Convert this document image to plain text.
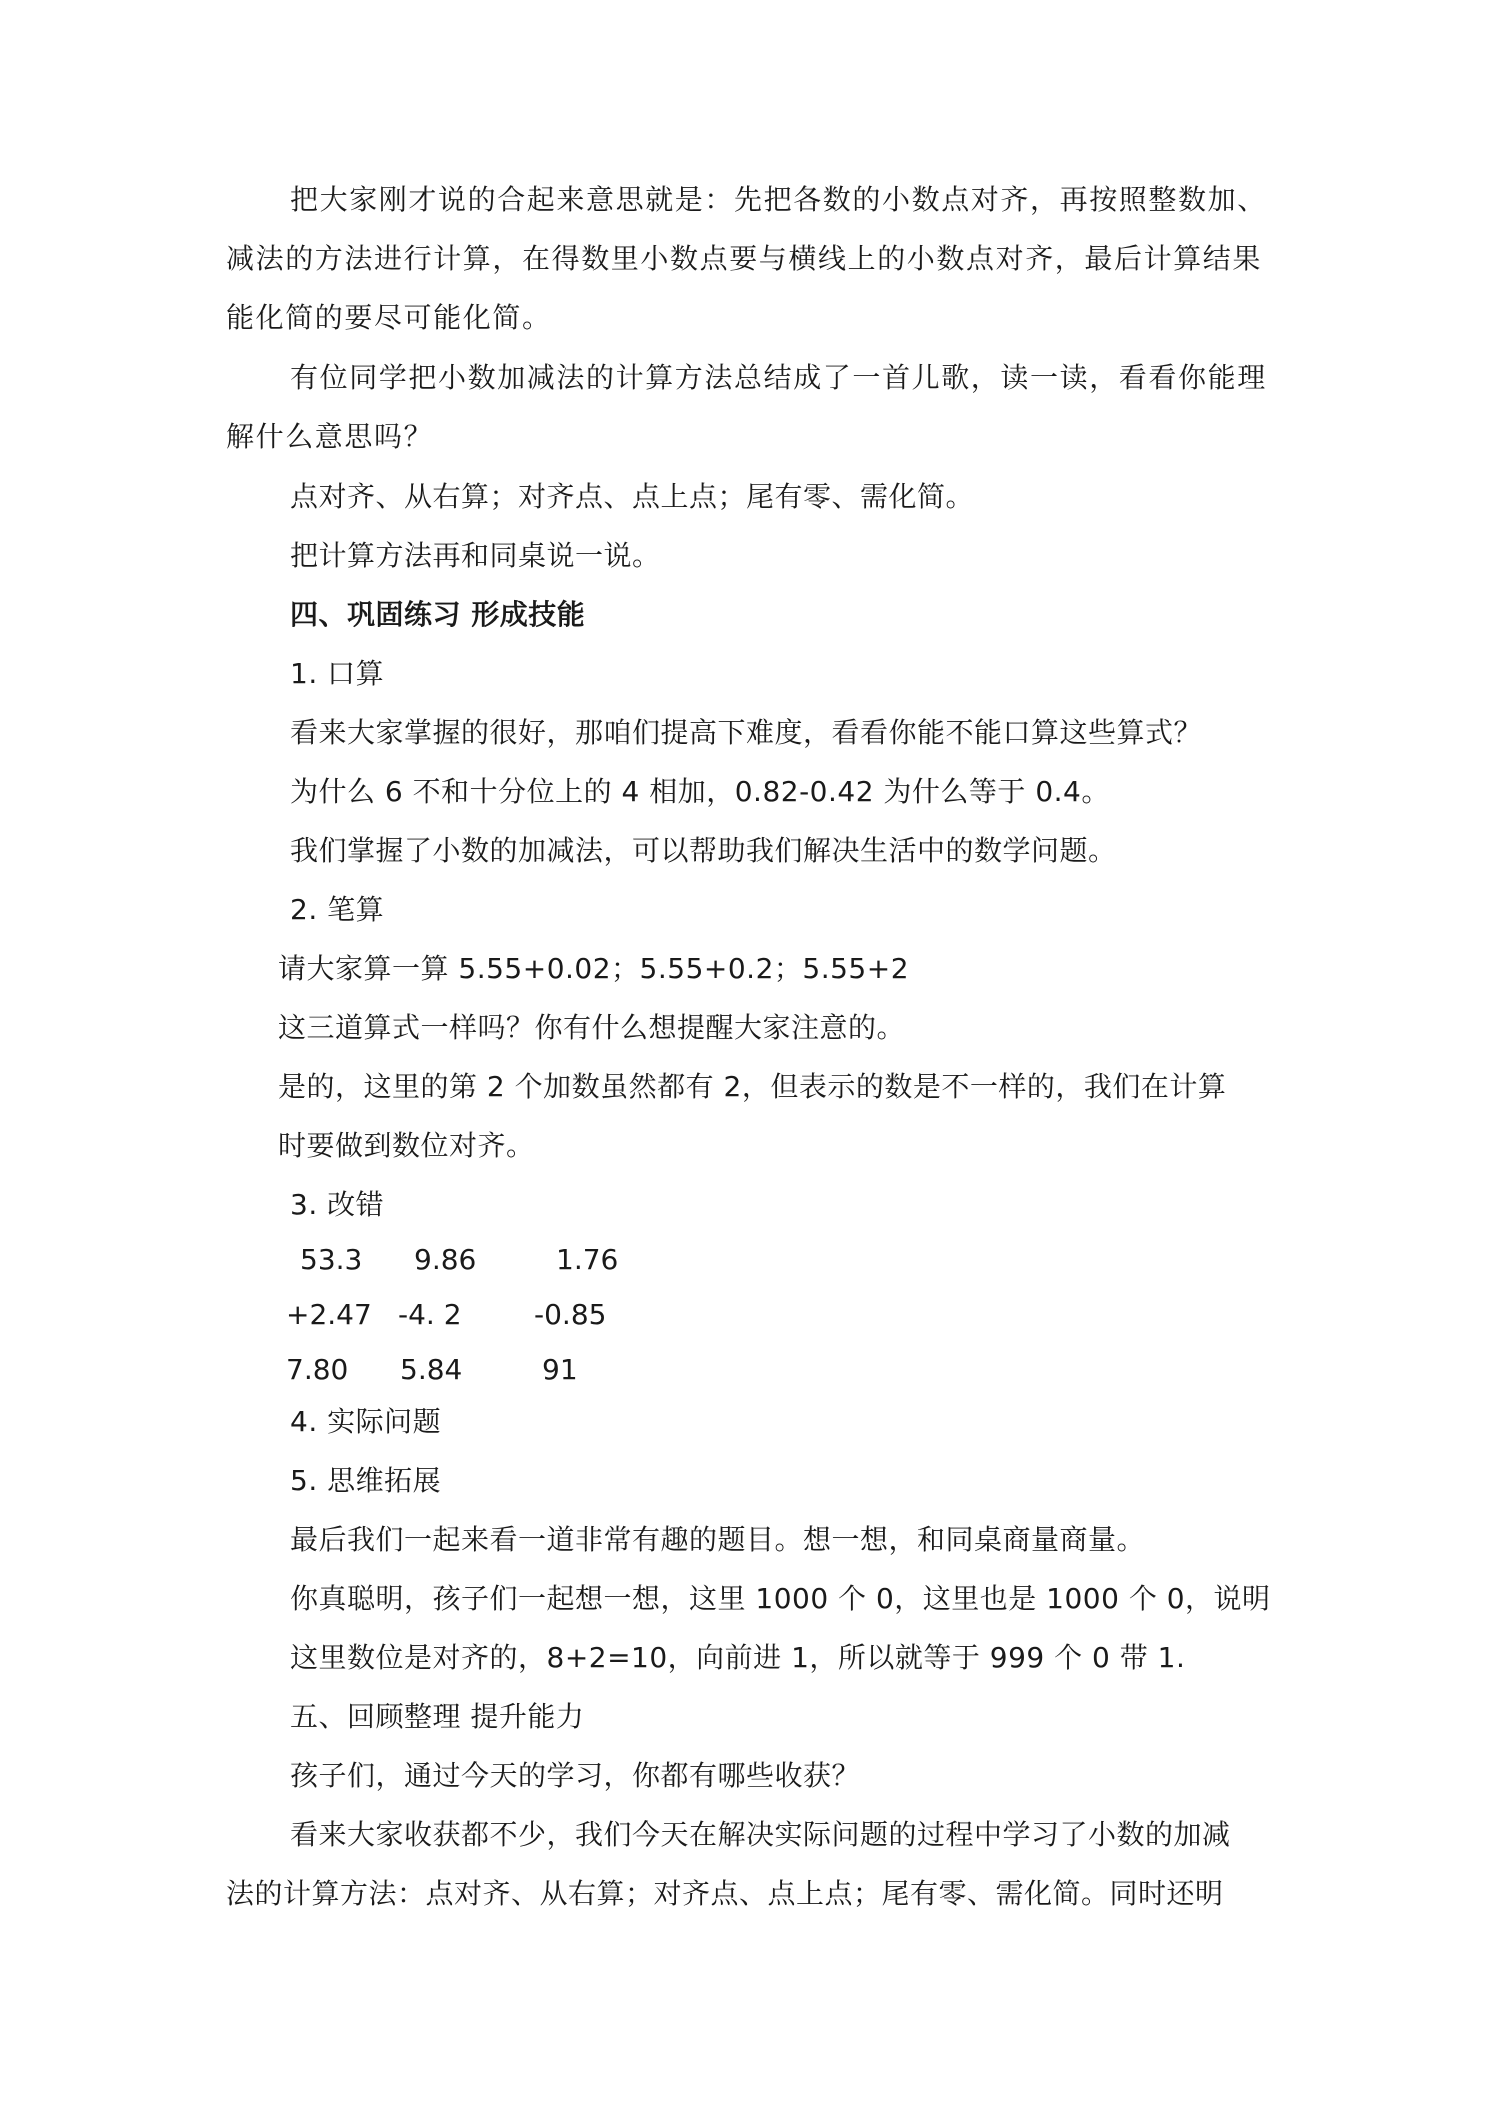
把大家刚才说的合起来意思就是：先把各数的小数点对齐，再按照整数加、
减法的方法进行计算，在得数里小数点要与横线上的小数点对齐，最后计算结果
能化简的要尽可能化简。
有位同学把小数加减法的计算方法总结成了一首儿歌，读一读，看看你能理
解什么意思吗？
点对齐、从右算；对齐点、点上点；尾有零、需化简。
把计算方法再和同桌说一说。
四、巩固练习 形成技能
1. 口算
看来大家掌握的很好，那咱们提高下难度，看看你能不能口算这些算式？
为什么 6 不和十分位上的 4 相加，0.82-0.42 为什么等于 0.4。
我们掌握了小数的加减法，可以帮助我们解决生活中的数学问题。
2. 笔算
请大家算一算 5.55+0.02；5.55+0.2；5.55+2
这三道算式一样吗？你有什么想提醒大家注意的。
是的，这里的第 2 个加数虽然都有 2，但表示的数是不一样的，我们在计算
时要做到数位对齐。
3. 改错
53.3 9.86	1.76
+2.47 -4. 2	-0.85
7.80 5.84	91
4. 实际问题
5. 思维拓展
最后我们一起来看一道非常有趣的题目。想一想，和同桌商量商量。
你真聪明，孩子们一起想一想，这里 1000 个 0，这里也是 1000 个 0，说明
这里数位是对齐的，8+2=10，向前进 1，所以就等于 999 个 0 带 1.
五、回顾整理 提升能力
孩子们，通过今天的学习，你都有哪些收获？
看来大家收获都不少，我们今天在解决实际问题的过程中学习了小数的加减
法的计算方法：点对齐、从右算；对齐点、点上点；尾有零、需化简。同时还明
